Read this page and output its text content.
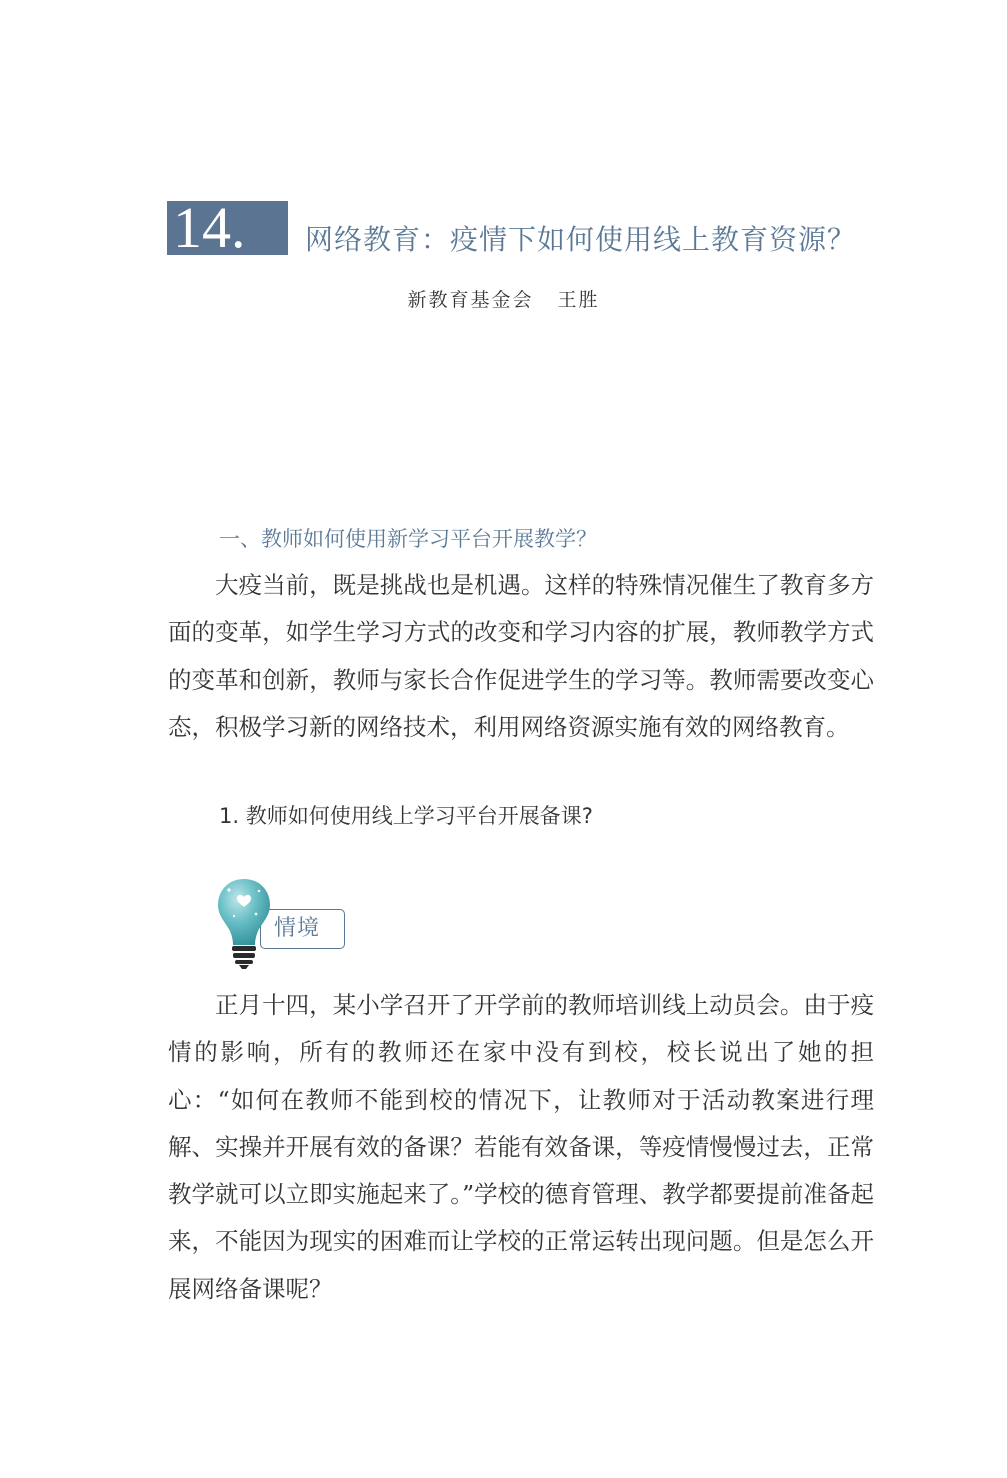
14.	网络教育：疫情下如何使用线上教育资源？
新教育基金会 王胜
一、教师如何使用新学习平台开展教学？

大疫当前，既是挑战也是机遇。这样的特殊情况催生了教育多方面的变革，如学生学习方式的改变和学习内容的扩展，教师教学方式的变革和创新，教师与家长合作促进学生的学习等。教师需要改变心态，积极学习新的网络技术，利用网络资源实施有效的网络教育。

1. 教师如何使用线上学习平台开展备课?
情境

正月十四，某小学召开了开学前的教师培训线上动员会。由于疫情的影响，所有的教师还在家中没有到校，校长说出了她的担心：“如何在教师不能到校的情况下，让教师对于活动教案进行理解、实操并开展有效的备课？若能有效备课，等疫情慢慢过去，正常教学就可以立即实施起来了。”学校的德育管理、教学都要提前准备起来，不能因为现实的困难而让学校的正常运转出现问题。但是怎么开展网络备课呢？
